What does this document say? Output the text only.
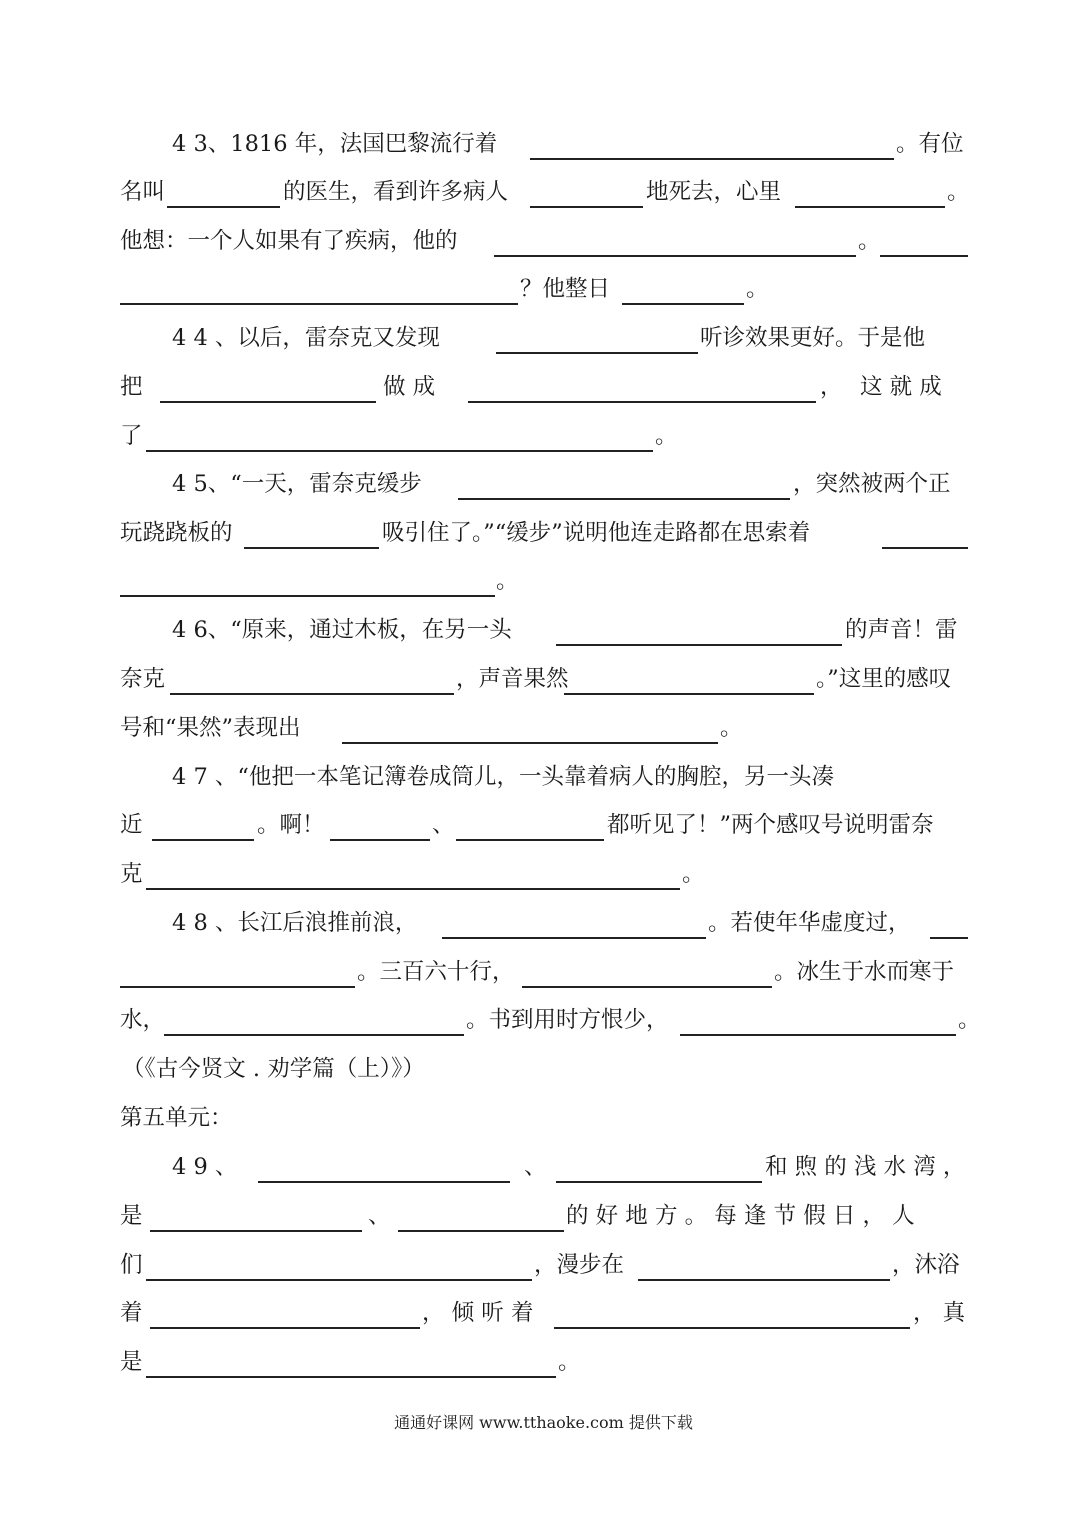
4 3、1816 年，法国巴黎流行着	。有位
名叫	的医生，看到许多病人	地死去，心里	。
他想：一个人如果有了疾病，他的	。
？他整日	。
4 4 、以后，雷奈克又发现	听诊效果更好。于是他
把	做 成	， 这 就 成
了	。
4 5、“一天，雷奈克缓步	，突然被两个正
玩跷跷板的	吸引住了。”“缓步”说明他连走路都在思索着
。
4 6、“原来，通过木板，在另一头	的声音！雷
奈克	，声音果然	。”这里的感叹
号和“果然”表现出	。
4 7 、“他把一本笔记簿卷成筒儿，一头靠着病人的胸腔，另一头凑
近	。啊！	、	都听见了！”两个感叹号说明雷奈
克	。
4 8 、长江后浪推前浪，	。若使年华虚度过，
。三百六十行，	。冰生于水而寒于
水，	。书到用时方恨少，	。
（《古今贤文 . 劝学篇（上）》）
第五单元：
4 9 、	、	和 煦 的 浅 水 湾 ，
是	、	的 好 地 方 。 每 逢 节 假 日 ， 人
们	，漫步在	，沐浴
着	， 倾 听 着	， 真
是	。
通通好课网 www.tthaoke.com 提供下载
